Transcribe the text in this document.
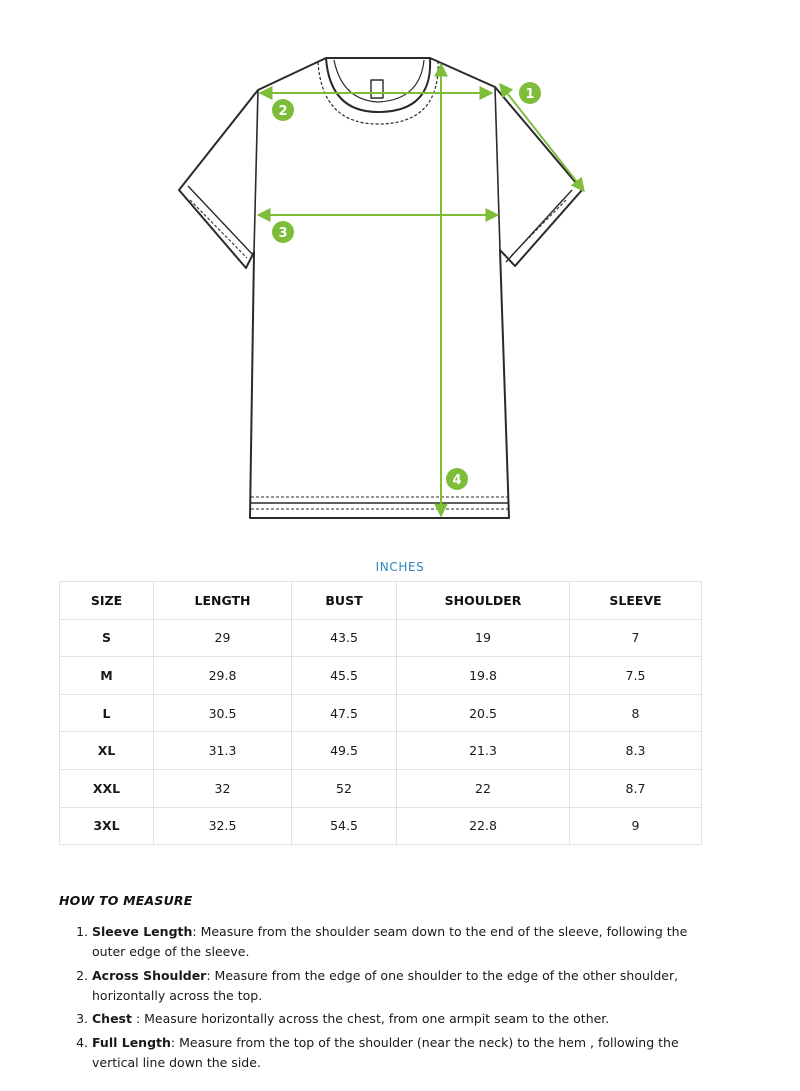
1
2
3
4
INCHES
SIZE	LENGTH	BUST	SHOULDER	SLEEVE
S	29	43.5	19	7
M	29.8	45.5	19.8	7.5
L	30.5	47.5	20.5	8
XL	31.3	49.5	21.3	8.3
XXL	32	52	22	8.7
3XL	32.5	54.5	22.8	9
HOW TO MEASURE
1. Sleeve Length: Measure from the shoulder seam down to the end of the sleeve, following the outer edge of the sleeve.
2. Across Shoulder: Measure from the edge of one shoulder to the edge of the other shoulder, horizontally across the top.
3. Chest : Measure horizontally across the chest, from one armpit seam to the other.
4. Full Length: Measure from the top of the shoulder (near the neck) to the hem , following the vertical line down the side.
